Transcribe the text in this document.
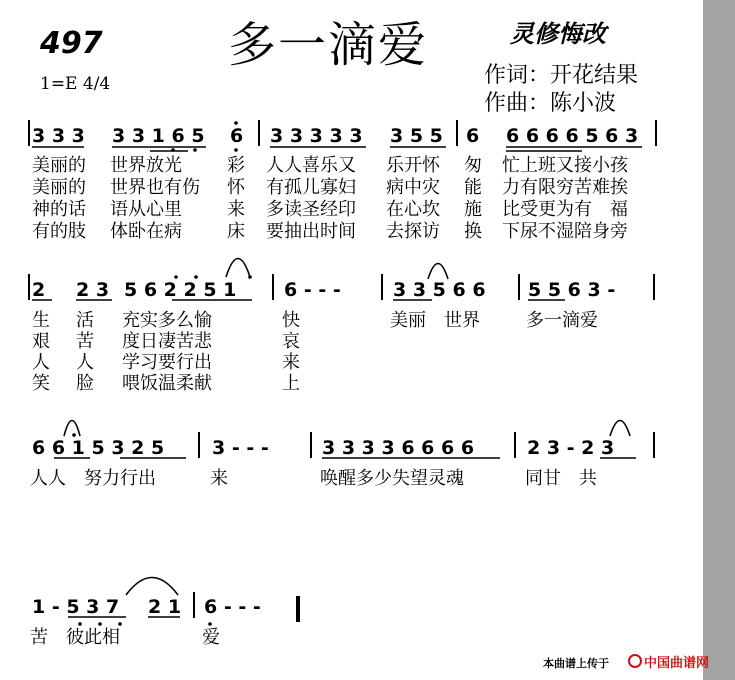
497	多一滴爱	灵修悔改
1=E 4/4	作词：开花结果
作曲：陈小波
3 3 3 3 3 1 6 5 6 3 3 3 3 3 3 5 5 6 6 6 6 6 5 6 3
美丽的 世界放光	彩 人人喜乐又 乐开怀 匆 忙上班又接小孩
美丽的 世界也有伤 怀 有孤儿寡妇 病中灾 能 力有限穷苦难挨
神的话 语从心里	来 多读圣经印 在心坎 施 比受更为有　福
有的肢 体卧在病	床 要抽出时间 去探访 换 下尿不湿陪身旁
2 2 3 5 6 2 2 5 1	6 - - -	3 3 5 6 6 5 5 6 3 -
生 活 充实多么愉	快	美丽　世界	多一滴爱
艰 苦 度日凄苦悲	哀
人 人 学习要行出	来
笑 脸 喂饭温柔献	上
6 6 1 5 3 2 5	3 - - -	3 3 3 3 6 6 6 6	2 3 - 2 3
人人　努力行出	来	唤醒多少失望灵魂	同甘　共
1 - 5 3 7 2 1 6 - - -
苦　彼此相	爱
本曲谱上传于	中国曲谱网
